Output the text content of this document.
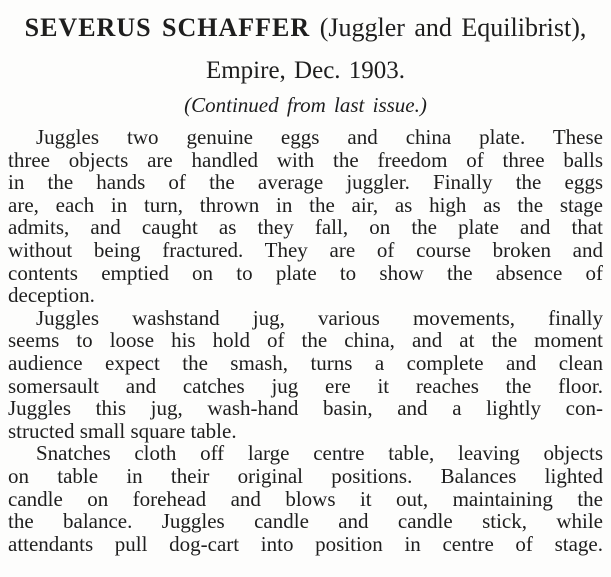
SEVERUS SCHAFFER (Juggler and Equilibrist),
Empire, Dec. 1903.
(Continued from last issue.)
Juggles two genuine eggs and china plate. These
three objects are handled with the freedom of three balls
in the hands of the average juggler. Finally the eggs
are, each in turn, thrown in the air, as high as the stage
admits, and caught as they fall, on the plate and that
without being fractured. They are of course broken and
contents emptied on to plate to show the absence of
deception.
Juggles washstand jug, various movements, finally
seems to loose his hold of the china, and at the moment
audience expect the smash, turns a complete and clean
somersault and catches jug ere it reaches the floor.
Juggles this jug, wash-hand basin, and a lightly con-
structed small square table.
Snatches cloth off large centre table, leaving objects
on table in their original positions. Balances lighted
candle on forehead and blows it out, maintaining the
the balance. Juggles candle and candle stick, while
attendants pull dog-cart into position in centre of stage.
